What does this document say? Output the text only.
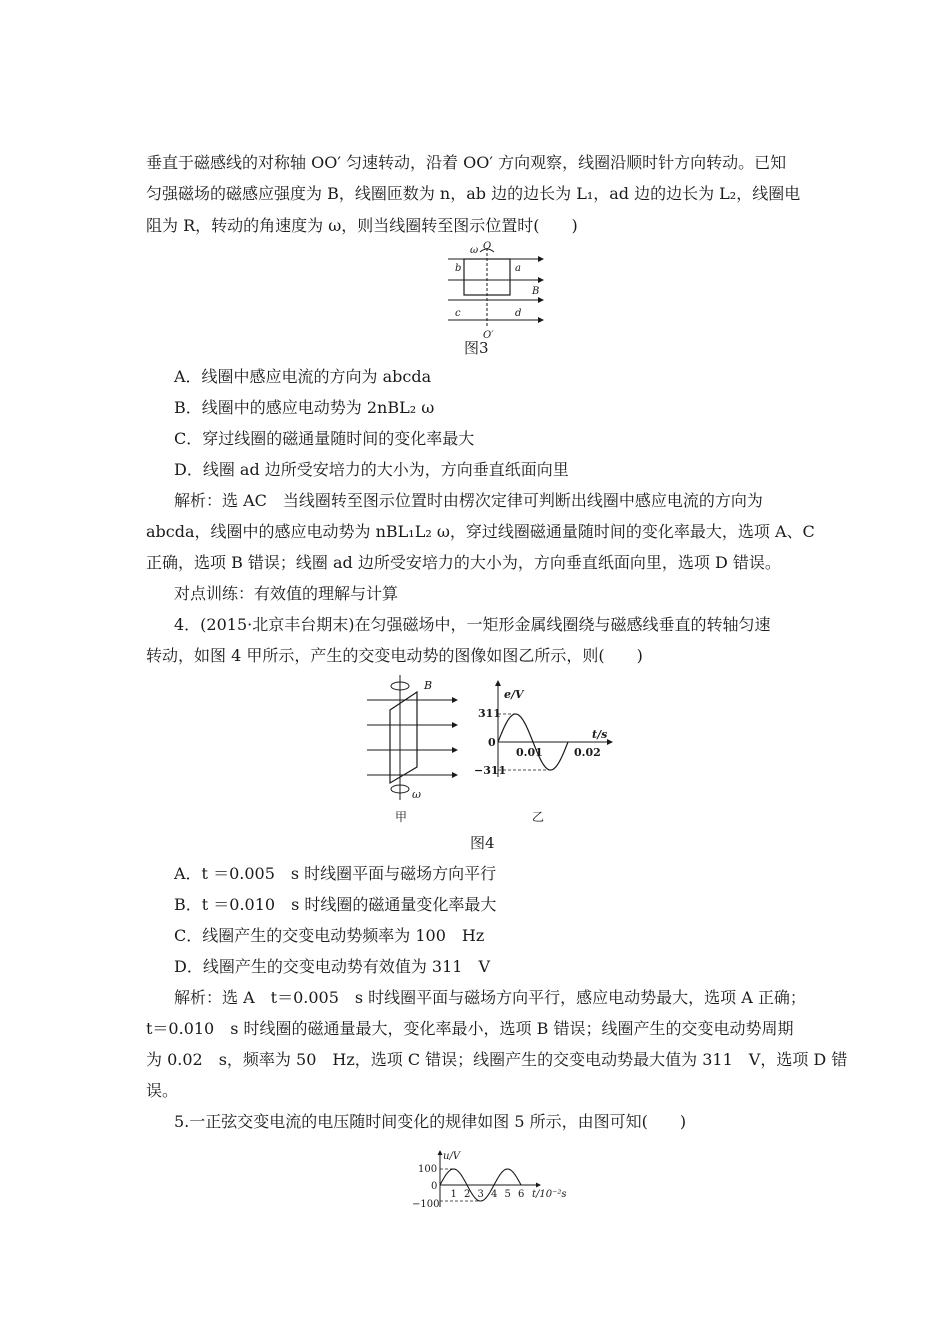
垂直于磁感线的对称轴 OO′ 匀速转动，沿着 OO′ 方向观察，线圈沿顺时针方向转动。已知
匀强磁场的磁感应强度为 B，线圈匝数为 n，ab 边的边长为 L₁，ad 边的边长为 L₂，线圈电
阻为 R，转动的角速度为 ω，则当线圈转至图示位置时(　　)
ω O
b	a
B
c	d
O′
图3
A．线圈中感应电流的方向为 abcda
B．线圈中的感应电动势为 2nBL₂ ω
C．穿过线圈的磁通量随时间的变化率最大
D．线圈 ad 边所受安培力的大小为，方向垂直纸面向里
解析：选 AC　当线圈转至图示位置时由楞次定律可判断出线圈中感应电流的方向为
abcda，线圈中的感应电动势为 nBL₁L₂ ω，穿过线圈磁通量随时间的变化率最大，选项 A、C
正确，选项 B 错误；线圈 ad 边所受安培力的大小为，方向垂直纸面向里，选项 D 错误。
对点训练：有效值的理解与计算
4．(2015·北京丰台期末)在匀强磁场中，一矩形金属线圈绕与磁感线垂直的转轴匀速
转动，如图 4 甲所示，产生的交变电动势的图像如图乙所示，则(　　)
B
ω
甲
e/V
t/s
311
0
−311
0.01	0.02
乙
图4
A．t ＝0.005　s 时线圈平面与磁场方向平行
B．t ＝0.010　s 时线圈的磁通量变化率最大
C．线圈产生的交变电动势频率为 100　Hz
D．线圈产生的交变电动势有效值为 311　V
解析：选 A　t＝0.005　s 时线圈平面与磁场方向平行，感应电动势最大，选项 A 正确；
t＝0.010　s 时线圈的磁通量最大，变化率最小，选项 B 错误；线圈产生的交变电动势周期
为 0.02　s，频率为 50　Hz，选项 C 错误；线圈产生的交变电动势最大值为 311　V，选项 D 错
误。
5.一正弦交变电流的电压随时间变化的规律如图 5 所示，由图可知(　　)
u/V
t/10⁻²s
100
0
−100
1 2 3 4 5 6
